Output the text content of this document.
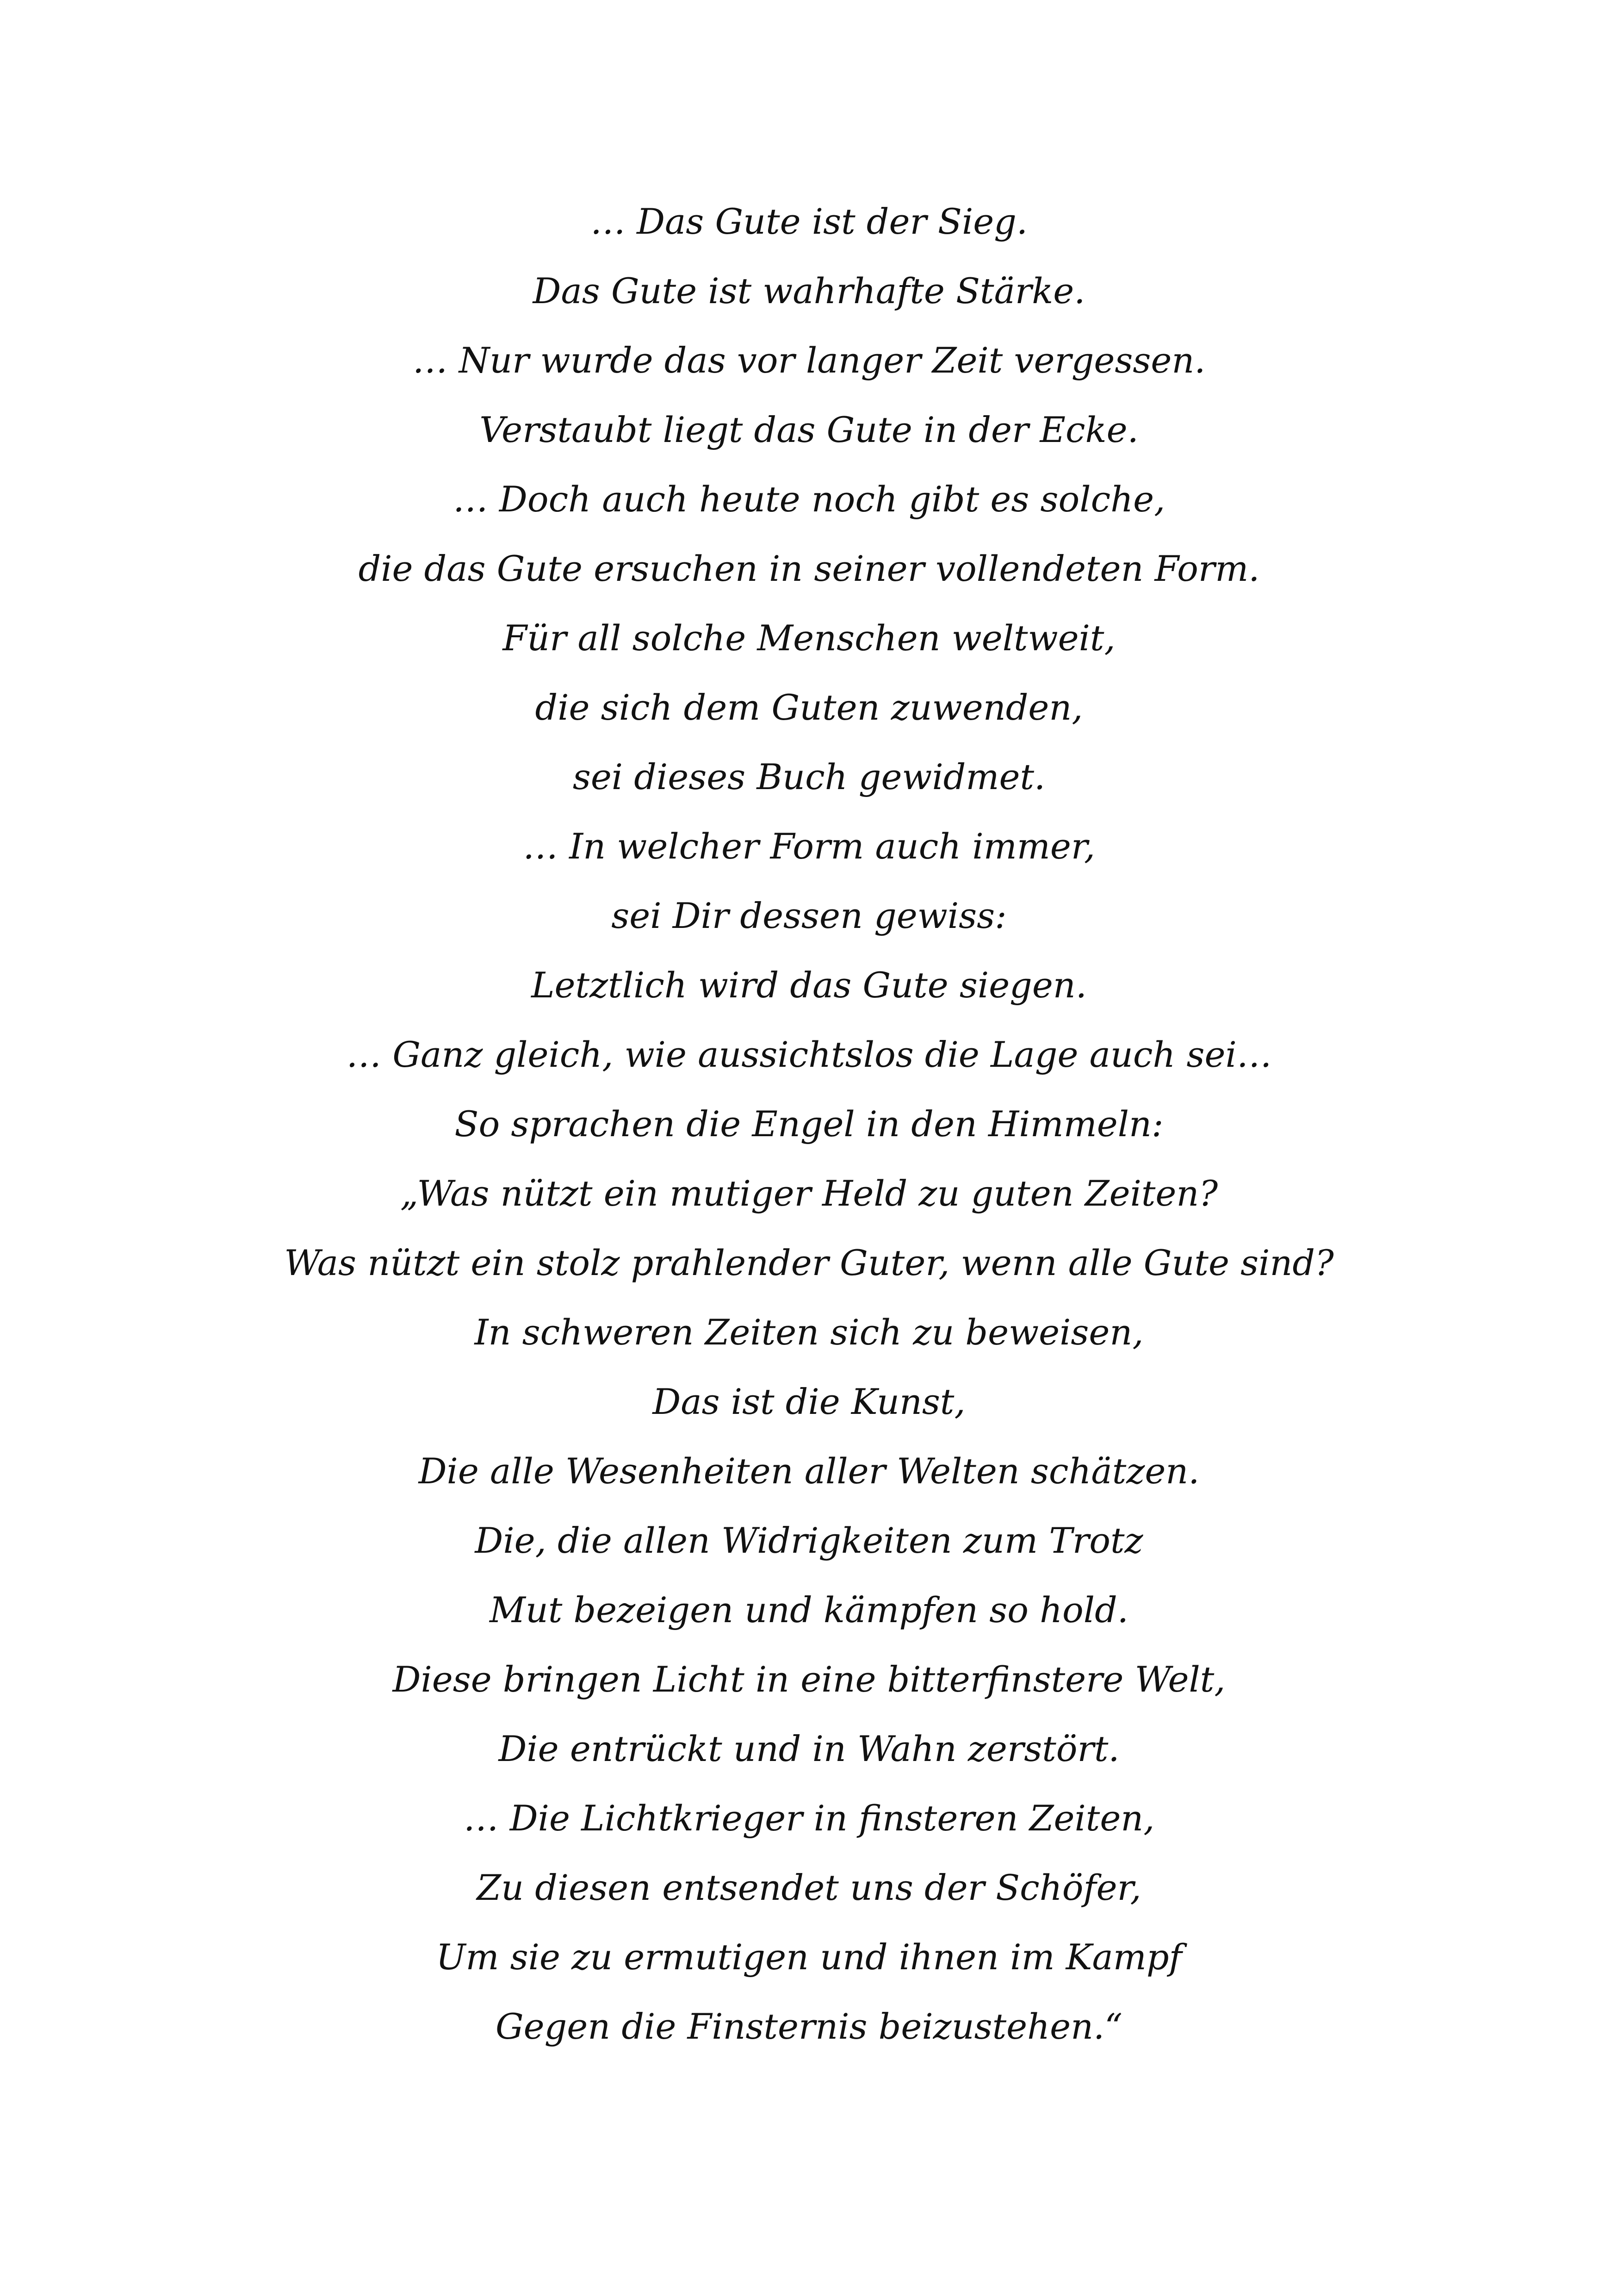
… Das Gute ist der Sieg.
Das Gute ist wahrhafte Stärke.
… Nur wurde das vor langer Zeit vergessen.
Verstaubt liegt das Gute in der Ecke.
… Doch auch heute noch gibt es solche,
die das Gute ersuchen in seiner vollendeten Form.
Für all solche Menschen weltweit,
die sich dem Guten zuwenden,
sei dieses Buch gewidmet.
… In welcher Form auch immer,
sei Dir dessen gewiss:
Letztlich wird das Gute siegen.
… Ganz gleich, wie aussichtslos die Lage auch sei…
So sprachen die Engel in den Himmeln:
„Was nützt ein mutiger Held zu guten Zeiten?
Was nützt ein stolz prahlender Guter, wenn alle Gute sind?
In schweren Zeiten sich zu beweisen,
Das ist die Kunst,
Die alle Wesenheiten aller Welten schätzen.
Die, die allen Widrigkeiten zum Trotz
Mut bezeigen und kämpfen so hold.
Diese bringen Licht in eine bitterfinstere Welt,
Die entrückt und in Wahn zerstört.
… Die Lichtkrieger in finsteren Zeiten,
Zu diesen entsendet uns der Schöfer,
Um sie zu ermutigen und ihnen im Kampf
Gegen die Finsternis beizustehen.“
